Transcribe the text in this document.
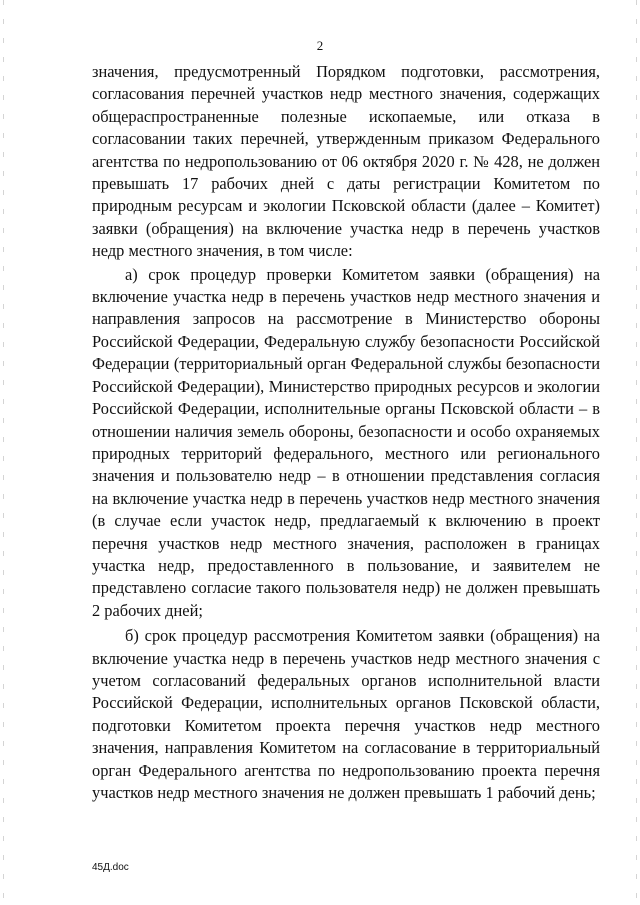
2

значения, предусмотренный Порядком подготовки, рассмотрения, согласования перечней участков недр местного значения, содержащих общераспространенные полезные ископаемые, или отказа в согласовании таких перечней, утвержденным приказом Федерального агентства по недропользованию от 06 октября 2020 г. № 428, не должен превышать 17 рабочих дней с даты регистрации Комитетом по природным ресурсам и экологии Псковской области (далее – Комитет) заявки (обращения) на включение участка недр в перечень участков недр местного значения, в том числе:

а) срок процедур проверки Комитетом заявки (обращения) на включение участка недр в перечень участков недр местного значения и направления запросов на рассмотрение в Министерство обороны Российской Федерации, Федеральную службу безопасности Российской Федерации (территориальный орган Федеральной службы безопасности Российской Федерации), Министерство природных ресурсов и экологии Российской Федерации, исполнительные органы Псковской области – в отношении наличия земель обороны, безопасности и особо охраняемых природных территорий федерального, местного или регионального значения и пользователю недр – в отношении представления согласия на включение участка недр в перечень участков недр местного значения (в случае если участок недр, предлагаемый к включению в проект перечня участков недр местного значения, расположен в границах участка недр, предоставленного в пользование, и заявителем не представлено согласие такого пользователя недр) не должен превышать 2 рабочих дней;

б) срок процедур рассмотрения Комитетом заявки (обращения) на включение участка недр в перечень участков недр местного значения с учетом согласований федеральных органов исполнительной власти Российской Федерации, исполнительных органов Псковской области, подготовки Комитетом проекта перечня участков недр местного значения, направления Комитетом на согласование в территориальный орган Федерального агентства по недропользованию проекта перечня участков недр местного значения не должен превышать 1 рабочий день;

45Д.doc
